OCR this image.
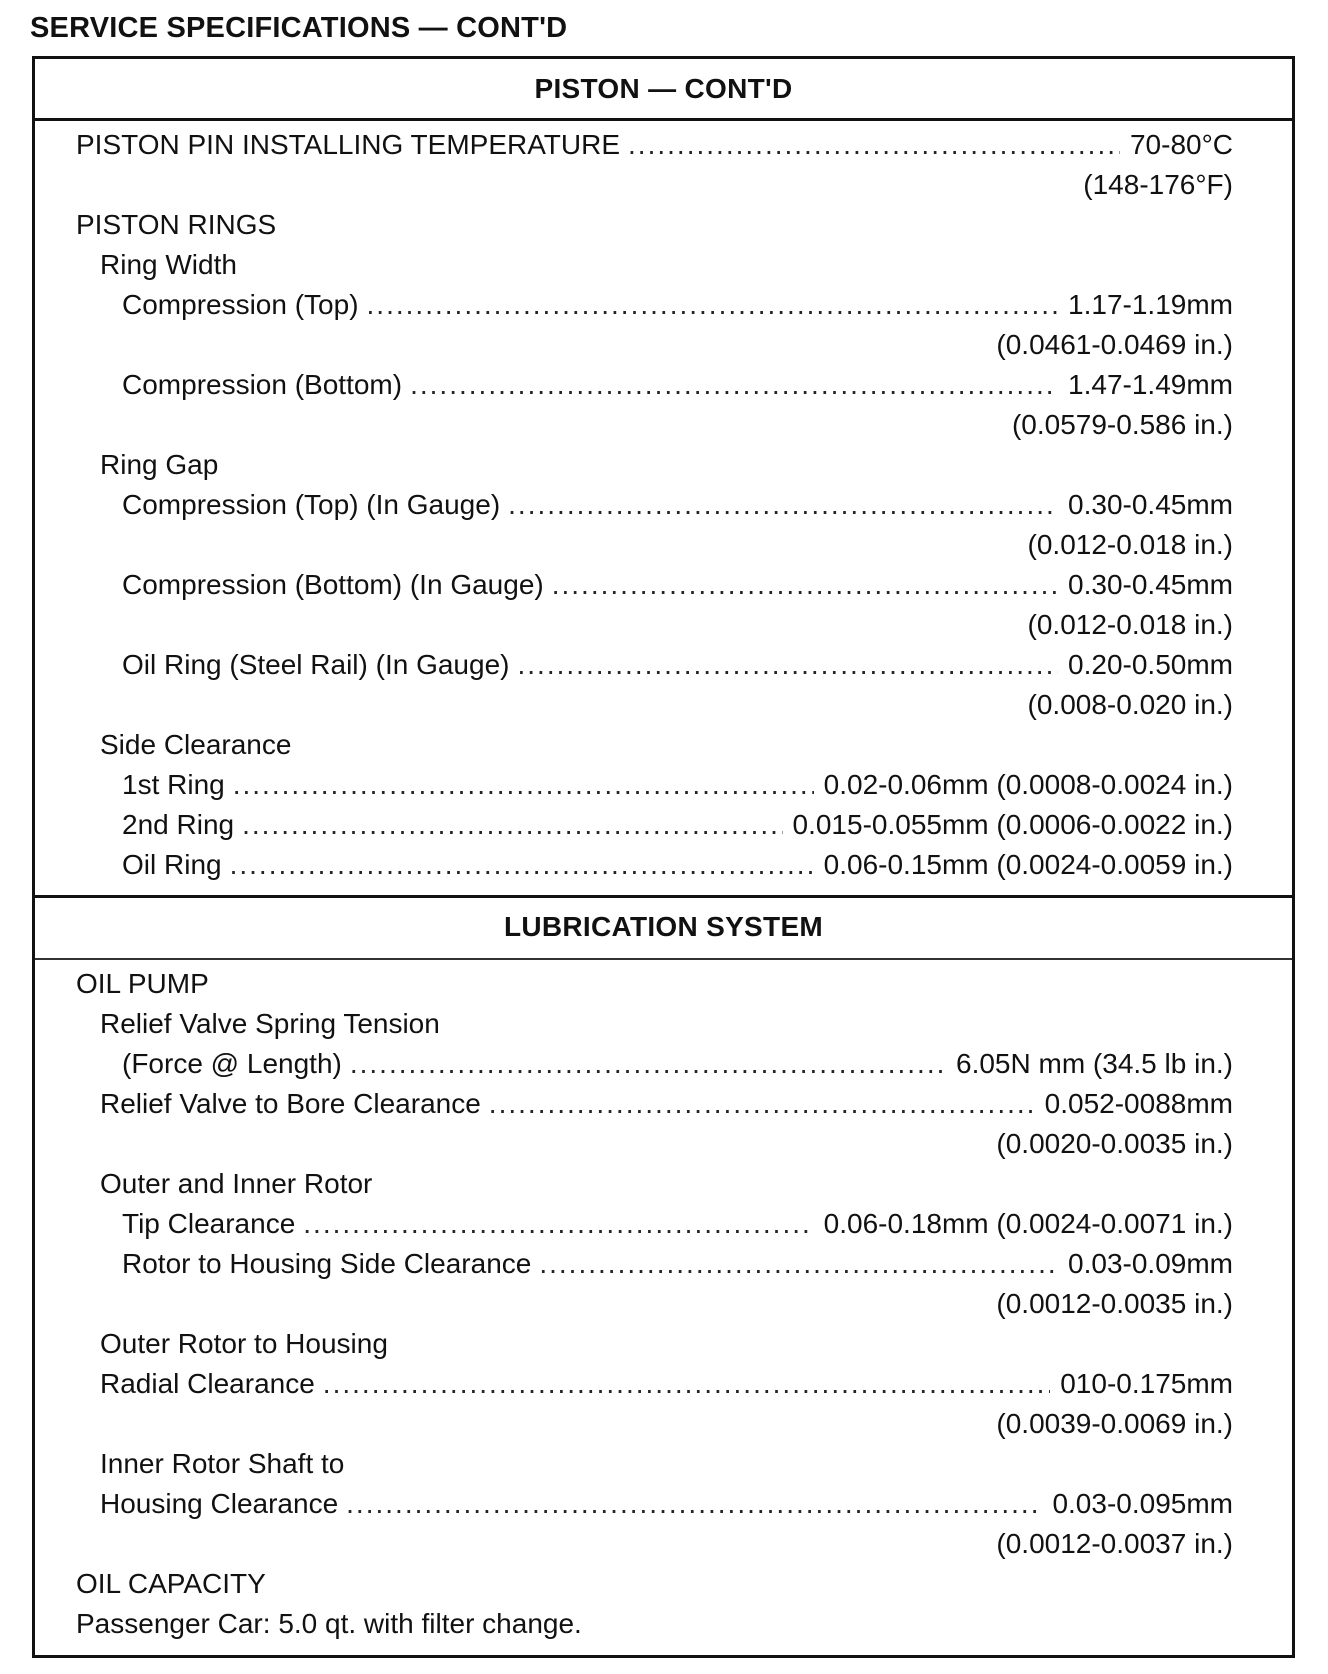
SERVICE SPECIFICATIONS — CONT'D
PISTON — CONT'D
PISTON PIN INSTALLING TEMPERATURE .....	70-80°C
(148-176°F)
PISTON RINGS
Ring Width
Compression (Top) .....	1.17-1.19mm
(0.0461-0.0469 in.)
Compression (Bottom) .....	1.47-1.49mm
(0.0579-0.586 in.)
Ring Gap
Compression (Top) (In Gauge) .....	0.30-0.45mm
(0.012-0.018 in.)
Compression (Bottom) (In Gauge) .....	0.30-0.45mm
(0.012-0.018 in.)
Oil Ring (Steel Rail) (In Gauge) .....	0.20-0.50mm
(0.008-0.020 in.)
Side Clearance
1st Ring .....	0.02-0.06mm (0.0008-0.0024 in.)
2nd Ring .....	0.015-0.055mm (0.0006-0.0022 in.)
Oil Ring .....	0.06-0.15mm (0.0024-0.0059 in.)
LUBRICATION SYSTEM
OIL PUMP
Relief Valve Spring Tension
(Force @ Length) .....	6.05N mm (34.5 lb in.)
Relief Valve to Bore Clearance .....	0.052-0088mm
(0.0020-0.0035 in.)
Outer and Inner Rotor
Tip Clearance .....	0.06-0.18mm (0.0024-0.0071 in.)
Rotor to Housing Side Clearance .....	0.03-0.09mm
(0.0012-0.0035 in.)
Outer Rotor to Housing
Radial Clearance .....	010-0.175mm
(0.0039-0.0069 in.)
Inner Rotor Shaft to
Housing Clearance .....	0.03-0.095mm
(0.0012-0.0037 in.)
OIL CAPACITY
Passenger Car: 5.0 qt. with filter change.
